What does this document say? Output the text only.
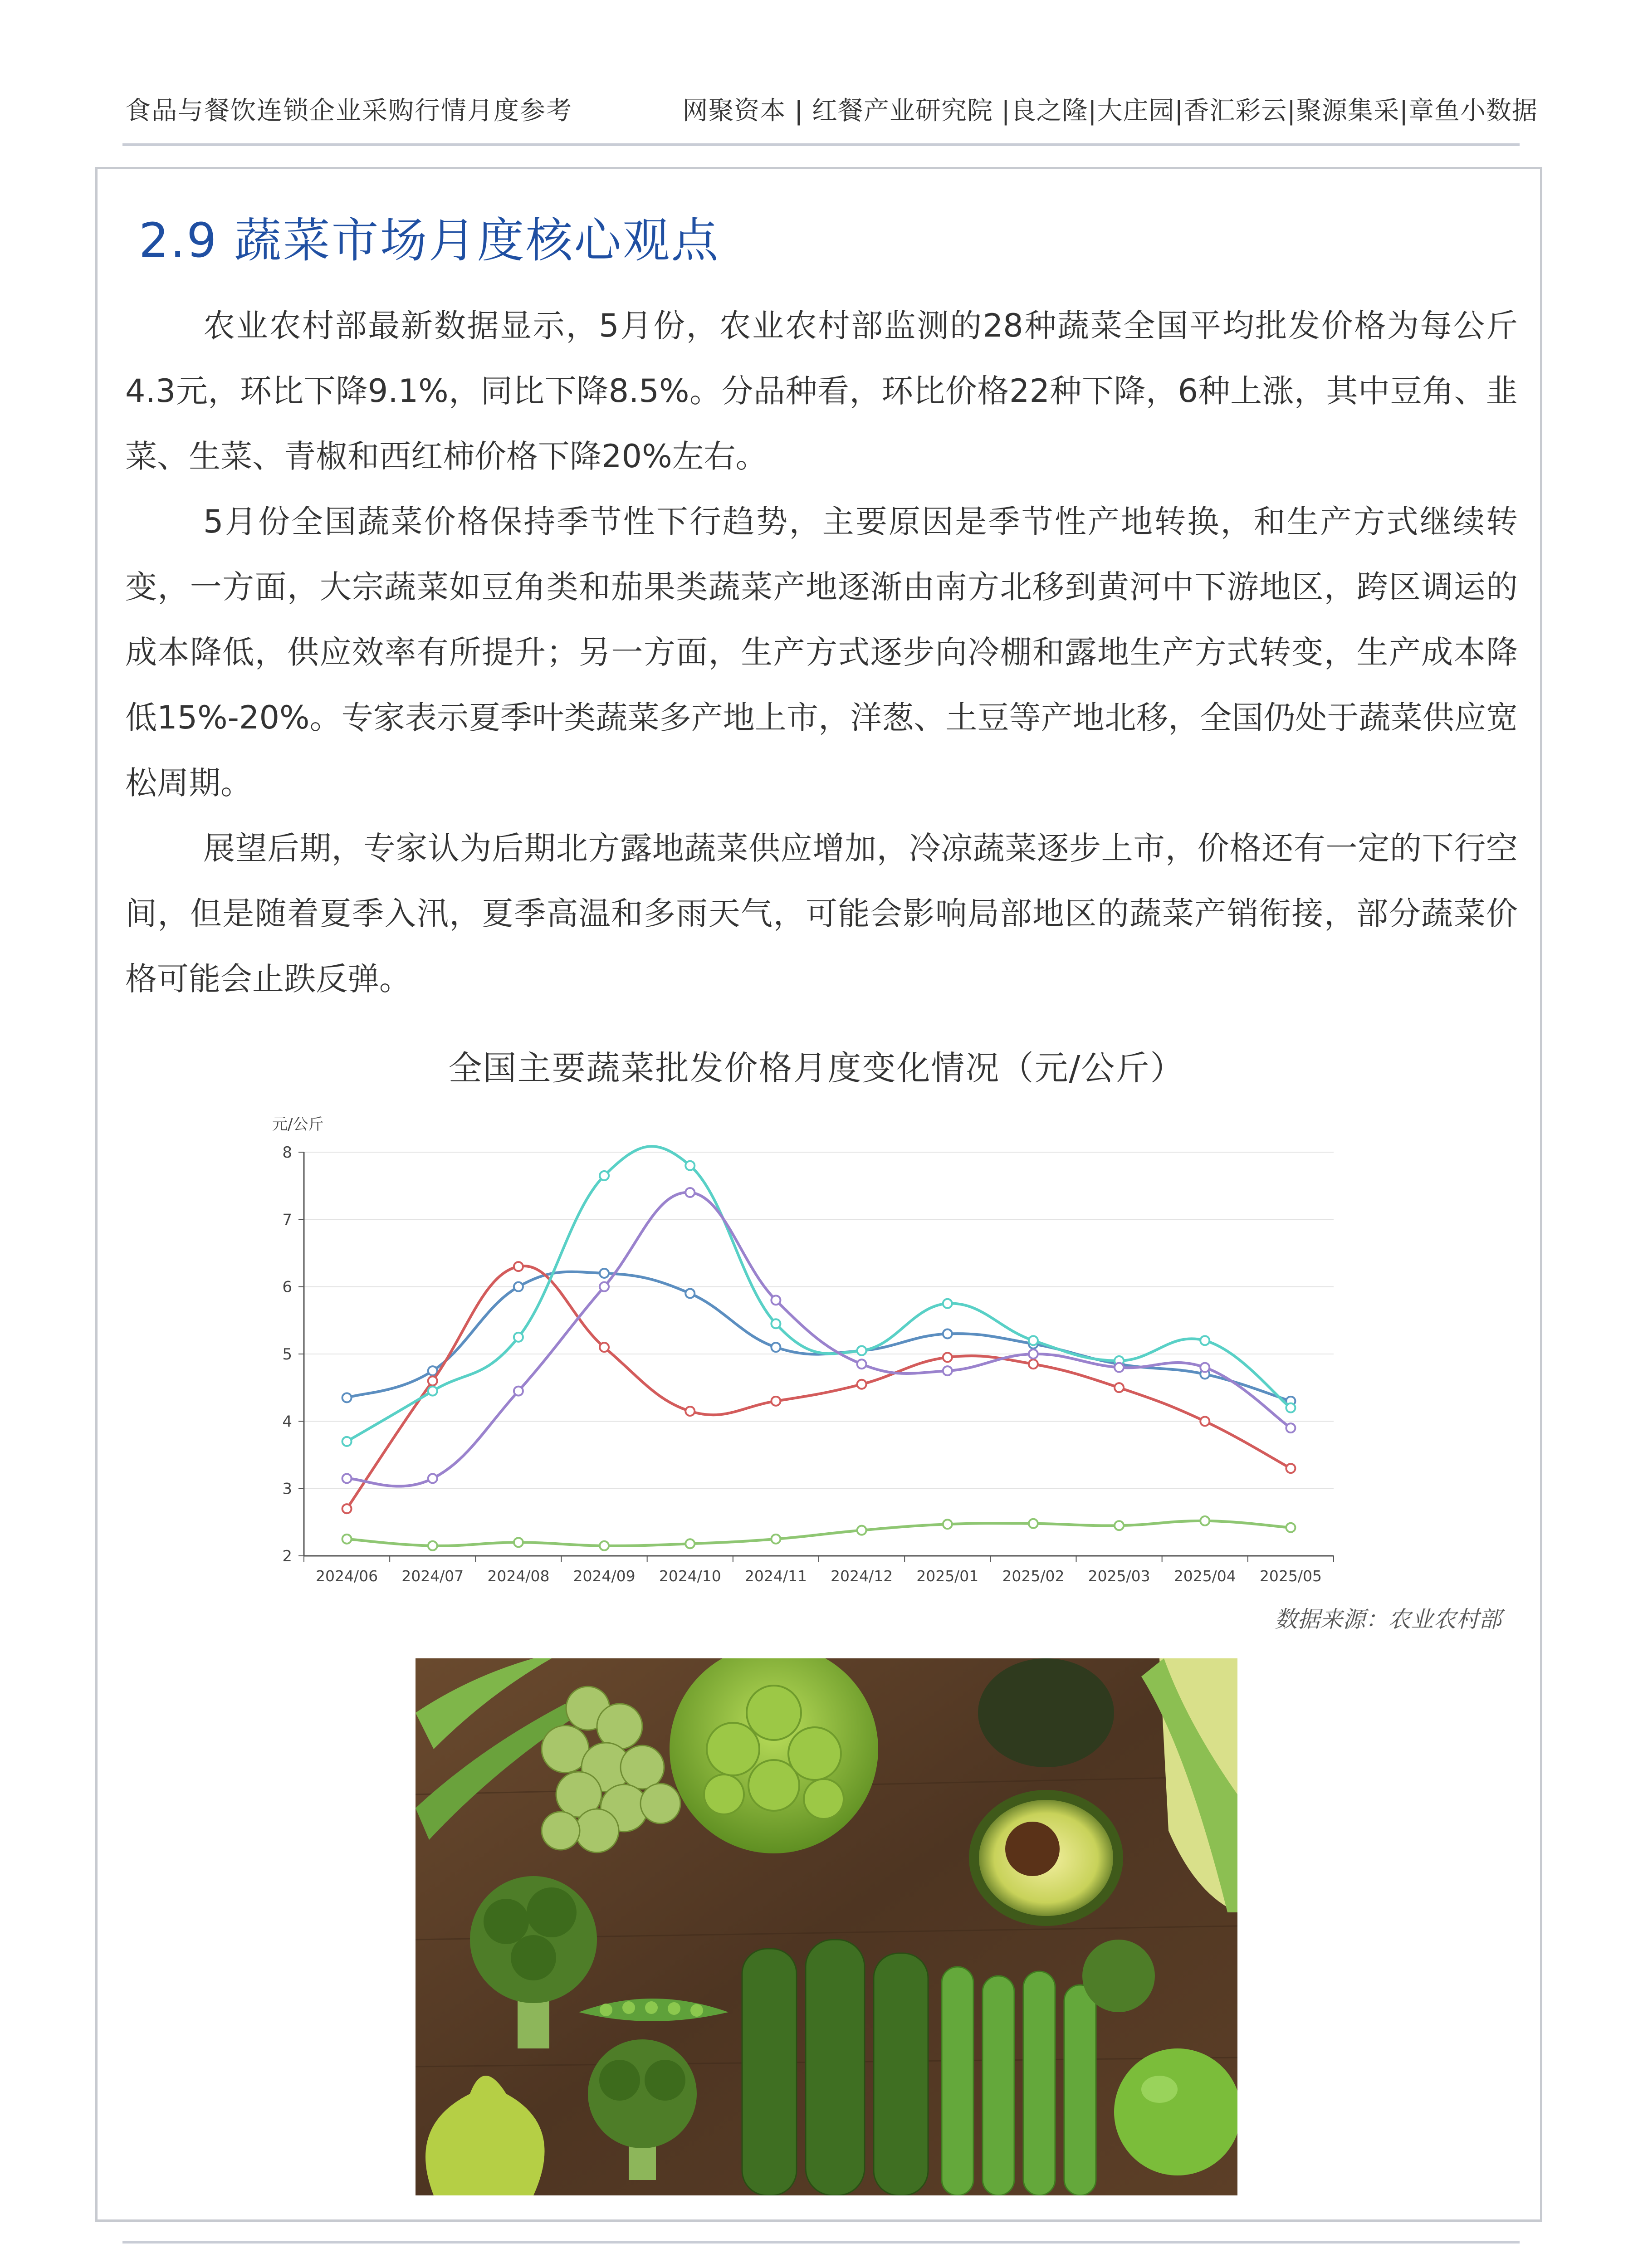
食品与餐饮连锁企业采购行情月度参考	网聚资本 | 红餐产业研究院 |良之隆|大庄园|香汇彩云|聚源集采|章鱼小数据
2.9 蔬菜市场月度核心观点

农业农村部最新数据显示，5月份，农业农村部监测的28种蔬菜全国平均批发价格为每公斤4.3元，环比下降9.1%，同比下降8.5%。分品种看，环比价格22种下降，6种上涨，其中豆角、韭菜、生菜、青椒和西红柿价格下降20%左右。

5月份全国蔬菜价格保持季节性下行趋势，主要原因是季节性产地转换，和生产方式继续转变，一方面，大宗蔬菜如豆角类和茄果类蔬菜产地逐渐由南方北移到黄河中下游地区，跨区调运的成本降低，供应效率有所提升；另一方面，生产方式逐步向冷棚和露地生产方式转变，生产成本降低15%-20%。专家表示夏季叶类蔬菜多产地上市，洋葱、土豆等产地北移，全国仍处于蔬菜供应宽松周期。

展望后期，专家认为后期北方露地蔬菜供应增加，冷凉蔬菜逐步上市，价格还有一定的下行空间，但是随着夏季入汛，夏季高温和多雨天气，可能会影响局部地区的蔬菜产销衔接，部分蔬菜价格可能会止跌反弹。

全国主要蔬菜批发价格月度变化情况（元/公斤）
2
3
4
5
6
7
8
元/公斤
2024/06 2024/07 2024/08 2024/09 2024/10 2024/11 2024/12 2025/01 2025/02 2025/03 2025/04 2025/05
数据来源：农业农村部
